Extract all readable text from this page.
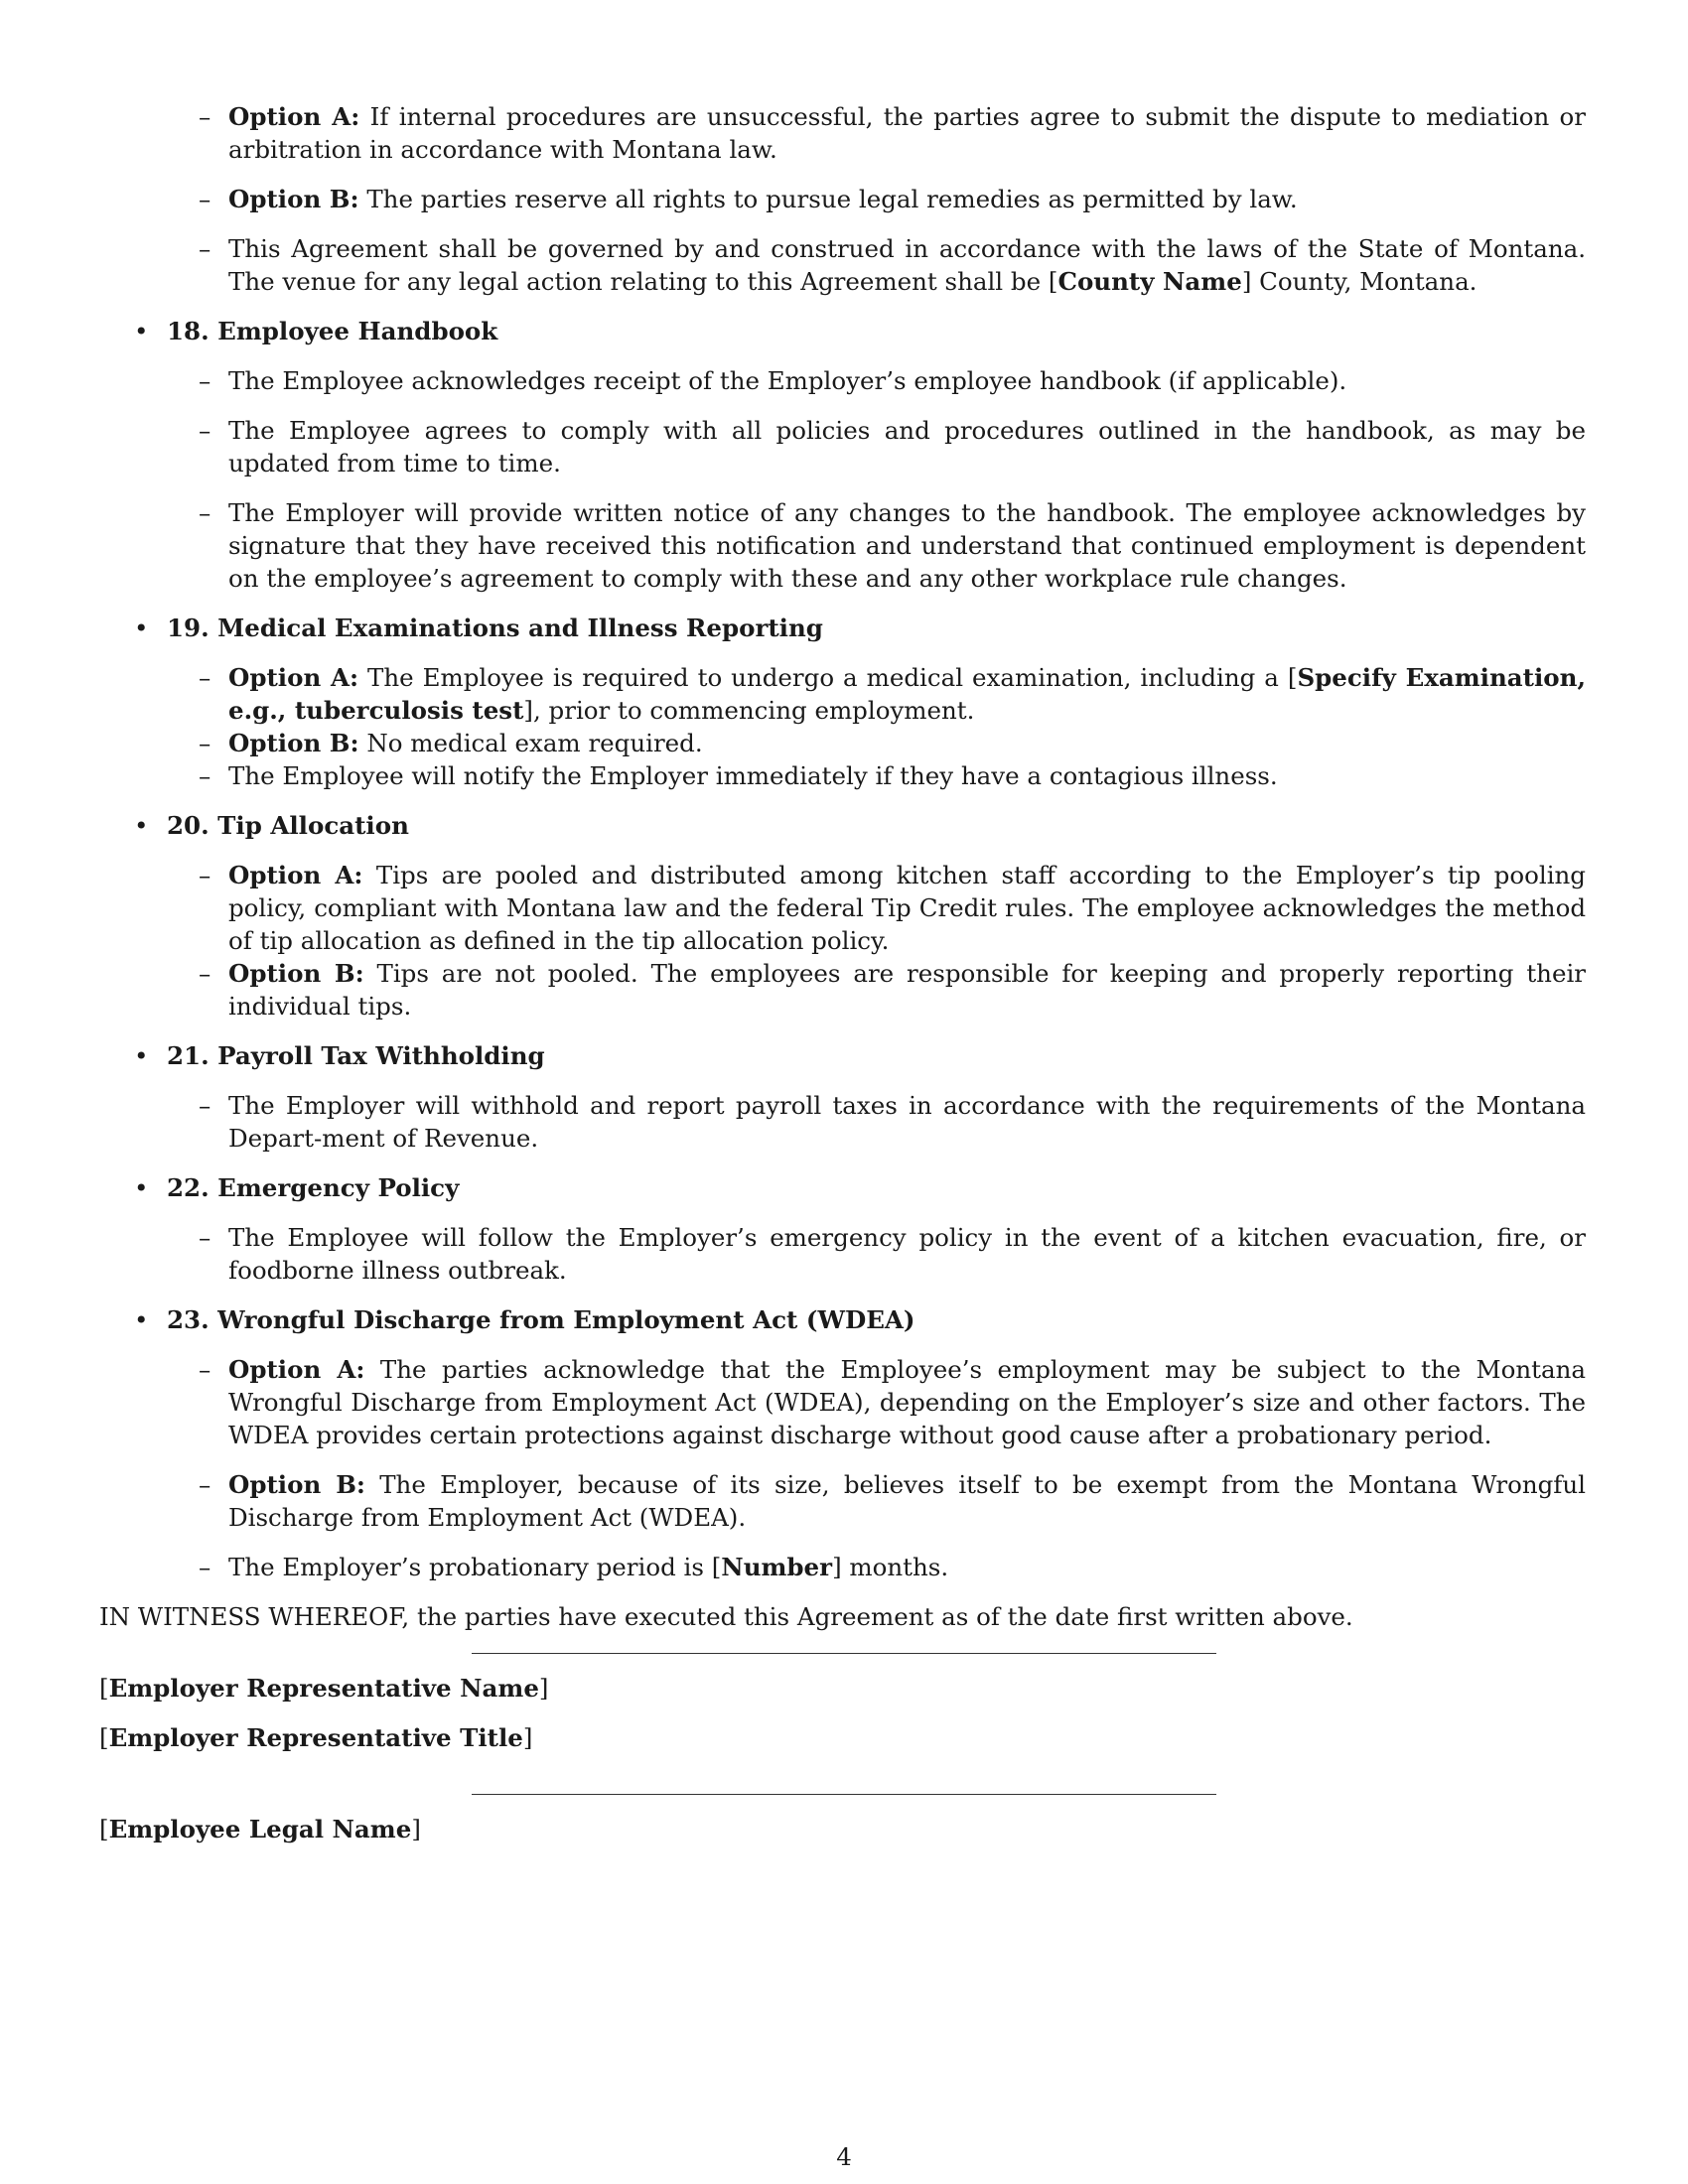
– Option A: If internal procedures are unsuccessful, the parties agree to submit the dispute to mediation or arbitration in accordance with Montana law.
– Option B: The parties reserve all rights to pursue legal remedies as permitted by law.
– This Agreement shall be governed by and construed in accordance with the laws of the State of Montana. The venue for any legal action relating to this Agreement shall be [County Name] County, Montana.
• 18. Employee Handbook
– The Employee acknowledges receipt of the Employer’s employee handbook (if applicable).
– The Employee agrees to comply with all policies and procedures outlined in the handbook, as may be updated from time to time.
– The Employer will provide written notice of any changes to the handbook. The employee acknowledges by signature that they have received this notification and understand that continued employment is dependent on the employee’s agreement to comply with these and any other workplace rule changes.
• 19. Medical Examinations and Illness Reporting
– Option A: The Employee is required to undergo a medical examination, including a [Specify Examination, e.g., tuberculosis test], prior to commencing employment.
– Option B: No medical exam required.
– The Employee will notify the Employer immediately if they have a contagious illness.
• 20. Tip Allocation
– Option A: Tips are pooled and distributed among kitchen staff according to the Employer’s tip pooling policy, compliant with Montana law and the federal Tip Credit rules. The employee acknowledges the method of tip allocation as defined in the tip allocation policy.
– Option B: Tips are not pooled. The employees are responsible for keeping and properly reporting their individual tips.
• 21. Payroll Tax Withholding
– The Employer will withhold and report payroll taxes in accordance with the requirements of the Montana Depart-ment of Revenue.
• 22. Emergency Policy
– The Employee will follow the Employer’s emergency policy in the event of a kitchen evacuation, fire, or foodborne illness outbreak.
• 23. Wrongful Discharge from Employment Act (WDEA)
– Option A: The parties acknowledge that the Employee’s employment may be subject to the Montana Wrongful Discharge from Employment Act (WDEA), depending on the Employer’s size and other factors. The WDEA provides certain protections against discharge without good cause after a probationary period.
– Option B: The Employer, because of its size, believes itself to be exempt from the Montana Wrongful Discharge from Employment Act (WDEA).
– The Employer’s probationary period is [Number] months.
IN WITNESS WHEREOF, the parties have executed this Agreement as of the date first written above.
[Employer Representative Name]
[Employer Representative Title]
[Employee Legal Name]
4
